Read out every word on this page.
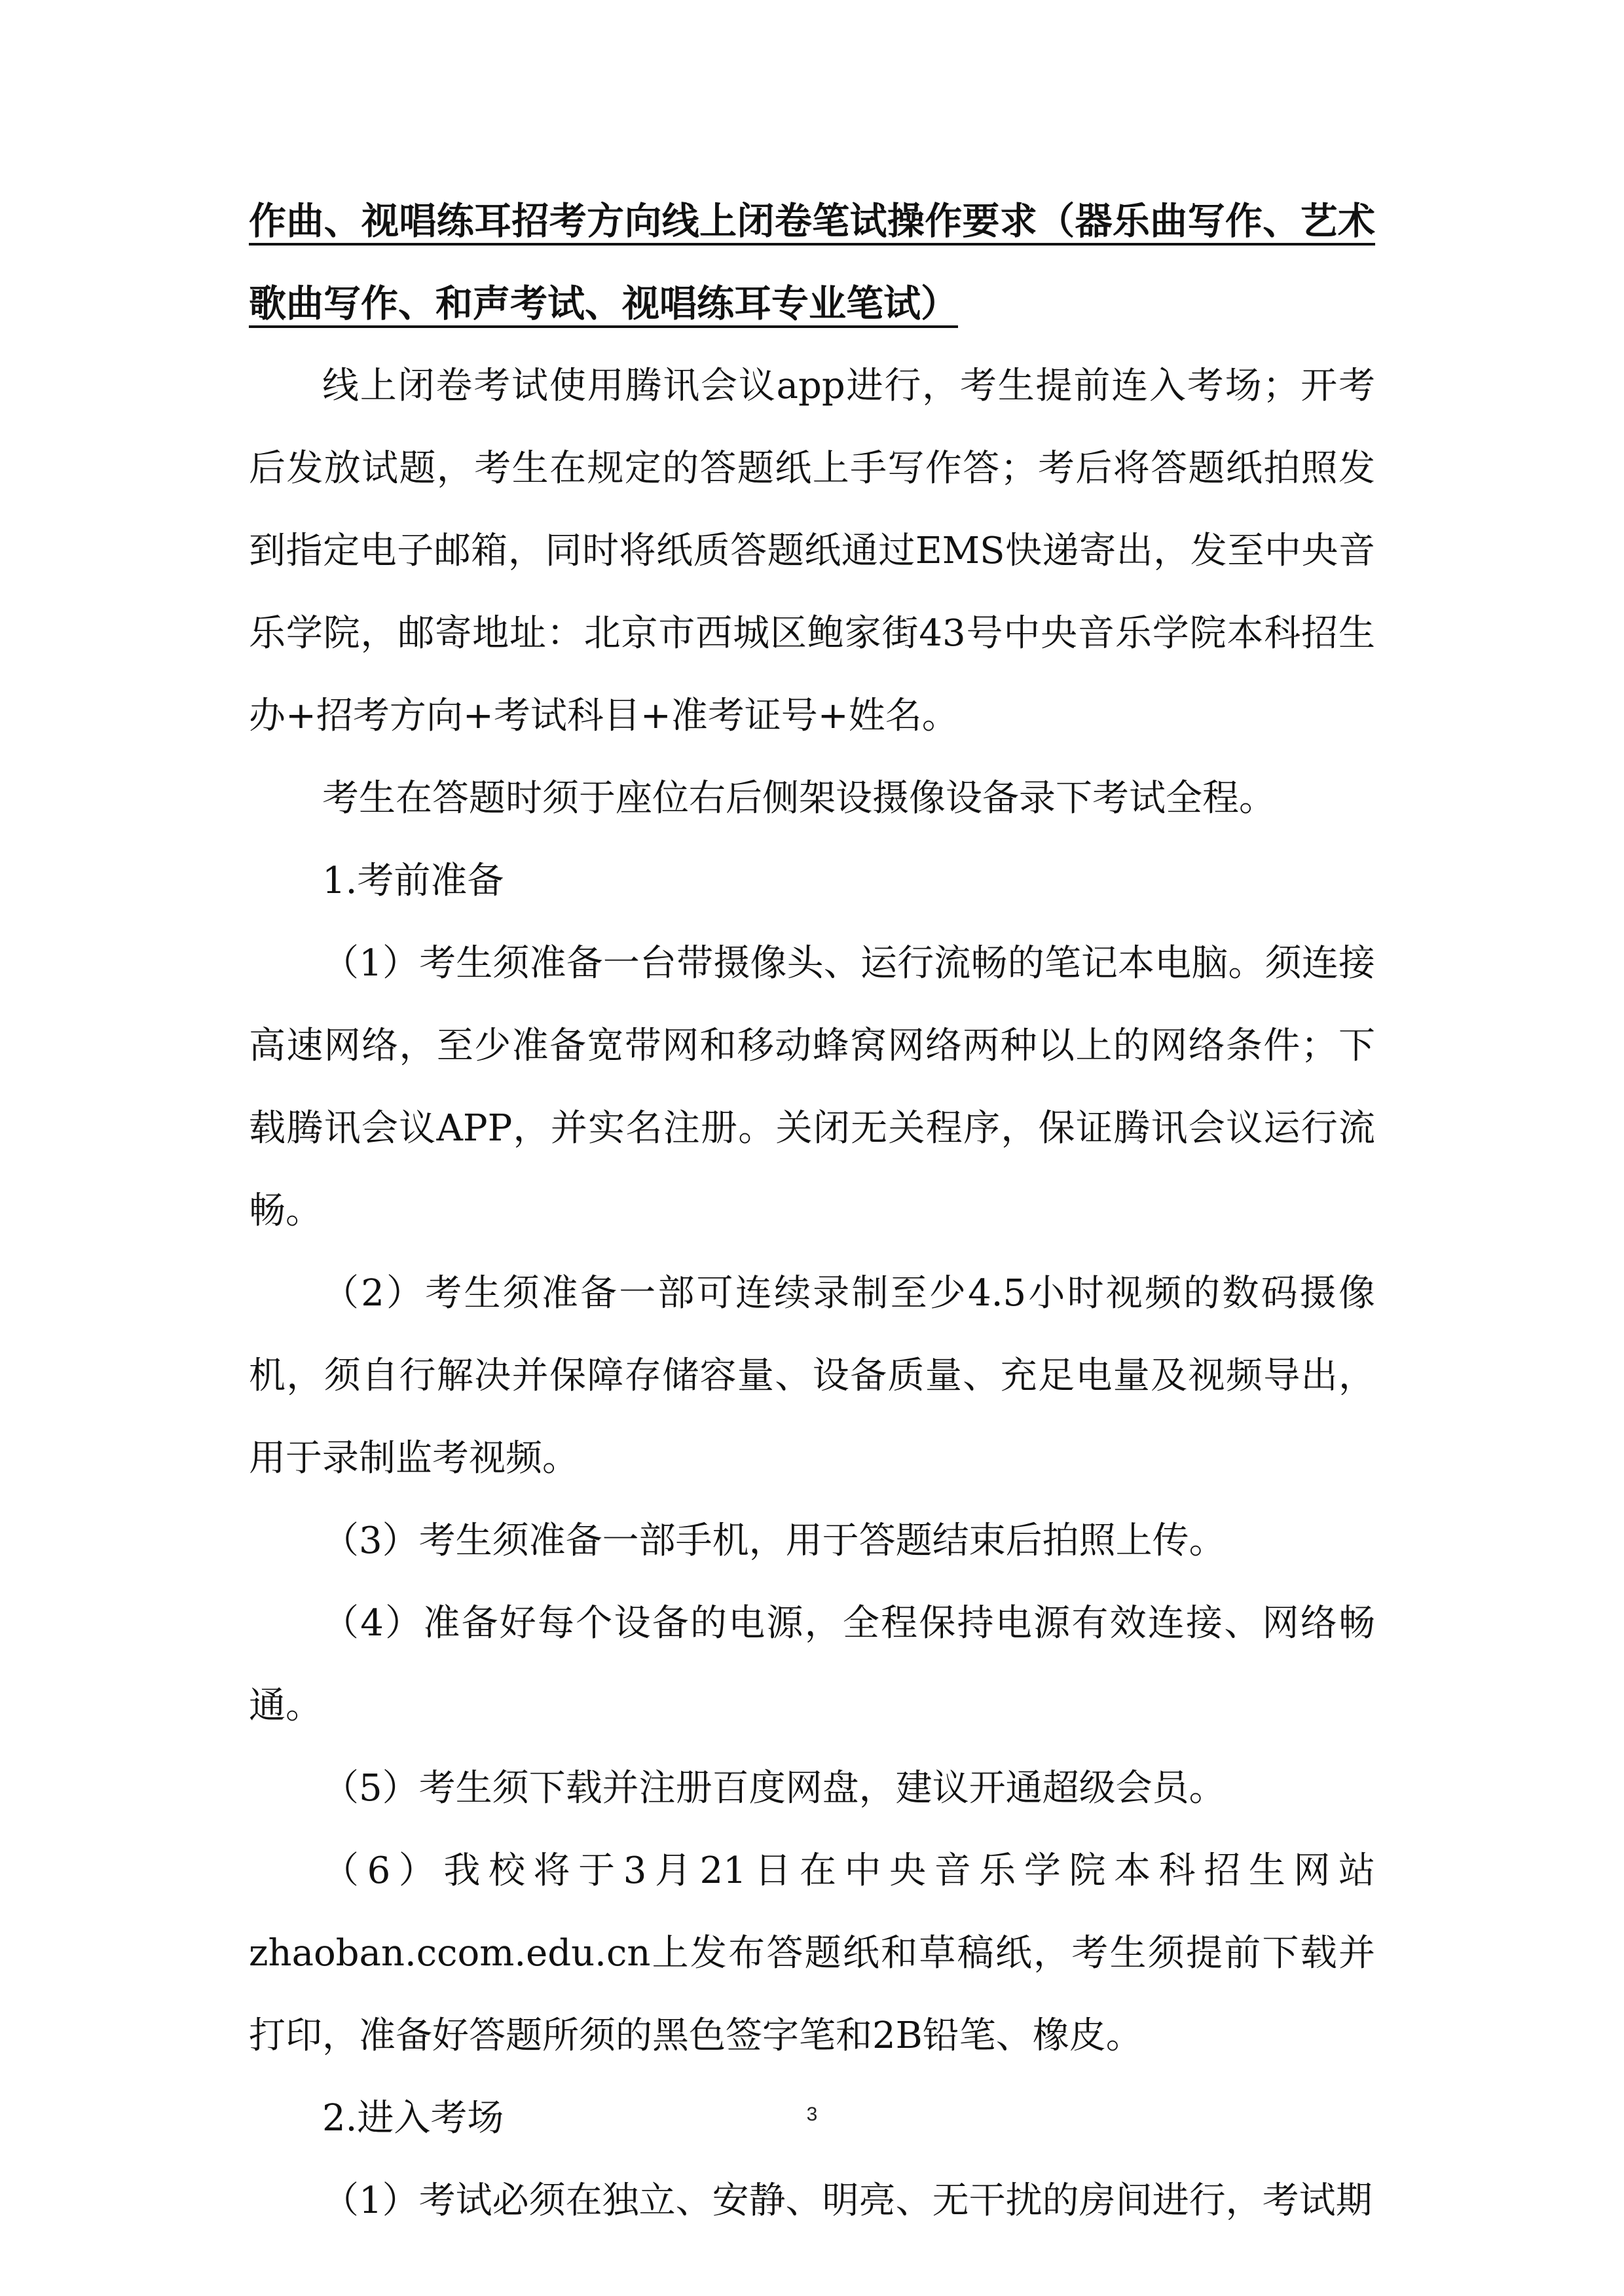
作曲、视唱练耳招考方向线上闭卷笔试操作要求（器乐曲写作、艺术歌曲写作、和声考试、视唱练耳专业笔试）

线上闭卷考试使用腾讯会议app进行，考生提前连入考场；开考后发放试题，考生在规定的答题纸上手写作答；考后将答题纸拍照发到指定电子邮箱，同时将纸质答题纸通过EMS快递寄出，发至中央音乐学院，邮寄地址：北京市西城区鲍家街43号中央音乐学院本科招生办+招考方向+考试科目+准考证号+姓名。

考生在答题时须于座位右后侧架设摄像设备录下考试全程。

1.考前准备

（1）考生须准备一台带摄像头、运行流畅的笔记本电脑。须连接高速网络，至少准备宽带网和移动蜂窝网络两种以上的网络条件；下载腾讯会议APP，并实名注册。关闭无关程序，保证腾讯会议运行流畅。

（2）考生须准备一部可连续录制至少4.5小时视频的数码摄像机，须自行解决并保障存储容量、设备质量、充足电量及视频导出，用于录制监考视频。

（3）考生须准备一部手机，用于答题结束后拍照上传。

（4）准备好每个设备的电源，全程保持电源有效连接、网络畅通。

（5）考生须下载并注册百度网盘，建议开通超级会员。

（6）我校将于3月21日在中央音乐学院本科招生网站zhaoban.ccom.edu.cn上发布答题纸和草稿纸，考生须提前下载并打印，准备好答题所须的黑色签字笔和2B铅笔、橡皮。

2.进入考场

（1）考试必须在独立、安静、明亮、无干扰的房间进行，考试期

3
